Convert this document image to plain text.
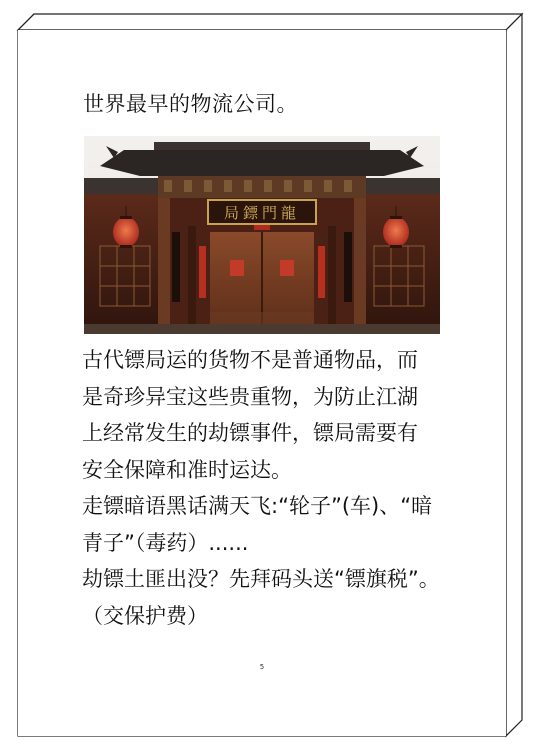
世界最早的物流公司。

局鏢門龍

古代镖局运的货物不是普通物品，而
是奇珍异宝这些贵重物，为防止江湖
上经常发生的劫镖事件，镖局需要有
安全保障和准时运达。

走镖暗语黑话满天飞:“轮子”(车)、“暗
青子”（毒药）......

劫镖土匪出没？先拜码头送“镖旗税”。
（交保护费）

5
